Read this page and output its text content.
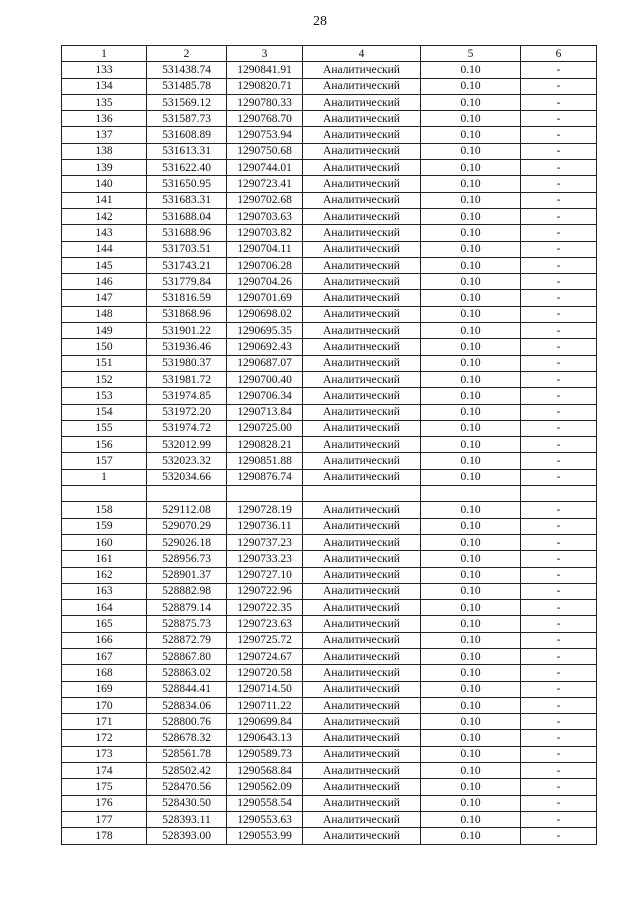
28
1	2	3	4	5	6
133	531438.74	1290841.91	Аналитический	0.10	-
134	531485.78	1290820.71	Аналитический	0.10	-
135	531569.12	1290780.33	Аналитический	0.10	-
136	531587.73	1290768.70	Аналитический	0.10	-
137	531608.89	1290753.94	Аналитический	0.10	-
138	531613.31	1290750.68	Аналитический	0.10	-
139	531622.40	1290744.01	Аналитический	0.10	-
140	531650.95	1290723.41	Аналитический	0.10	-
141	531683.31	1290702.68	Аналитический	0.10	-
142	531688.04	1290703.63	Аналитический	0.10	-
143	531688.96	1290703.82	Аналитический	0.10	-
144	531703.51	1290704.11	Аналитический	0.10	-
145	531743.21	1290706.28	Аналитический	0.10	-
146	531779.84	1290704.26	Аналитический	0.10	-
147	531816.59	1290701.69	Аналитический	0.10	-
148	531868.96	1290698.02	Аналитический	0.10	-
149	531901.22	1290695.35	Аналитический	0.10	-
150	531936.46	1290692.43	Аналитический	0.10	-
151	531980.37	1290687.07	Аналитический	0.10	-
152	531981.72	1290700.40	Аналитический	0.10	-
153	531974.85	1290706.34	Аналитический	0.10	-
154	531972.20	1290713.84	Аналитический	0.10	-
155	531974.72	1290725.00	Аналитический	0.10	-
156	532012.99	1290828.21	Аналитический	0.10	-
157	532023.32	1290851.88	Аналитический	0.10	-
1	532034.66	1290876.74	Аналитический	0.10	-

158	529112.08	1290728.19	Аналитический	0.10	-
159	529070.29	1290736.11	Аналитический	0.10	-
160	529026.18	1290737.23	Аналитический	0.10	-
161	528956.73	1290733.23	Аналитический	0.10	-
162	528901.37	1290727.10	Аналитический	0.10	-
163	528882.98	1290722.96	Аналитический	0.10	-
164	528879.14	1290722.35	Аналитический	0.10	-
165	528875.73	1290723.63	Аналитический	0.10	-
166	528872.79	1290725.72	Аналитический	0.10	-
167	528867.80	1290724.67	Аналитический	0.10	-
168	528863.02	1290720.58	Аналитический	0.10	-
169	528844.41	1290714.50	Аналитический	0.10	-
170	528834.06	1290711.22	Аналитический	0.10	-
171	528800.76	1290699.84	Аналитический	0.10	-
172	528678.32	1290643.13	Аналитический	0.10	-
173	528561.78	1290589.73	Аналитический	0.10	-
174	528502.42	1290568.84	Аналитический	0.10	-
175	528470.56	1290562.09	Аналитический	0.10	-
176	528430.50	1290558.54	Аналитический	0.10	-
177	528393.11	1290553.63	Аналитический	0.10	-
178	528393.00	1290553.99	Аналитический	0.10	-
